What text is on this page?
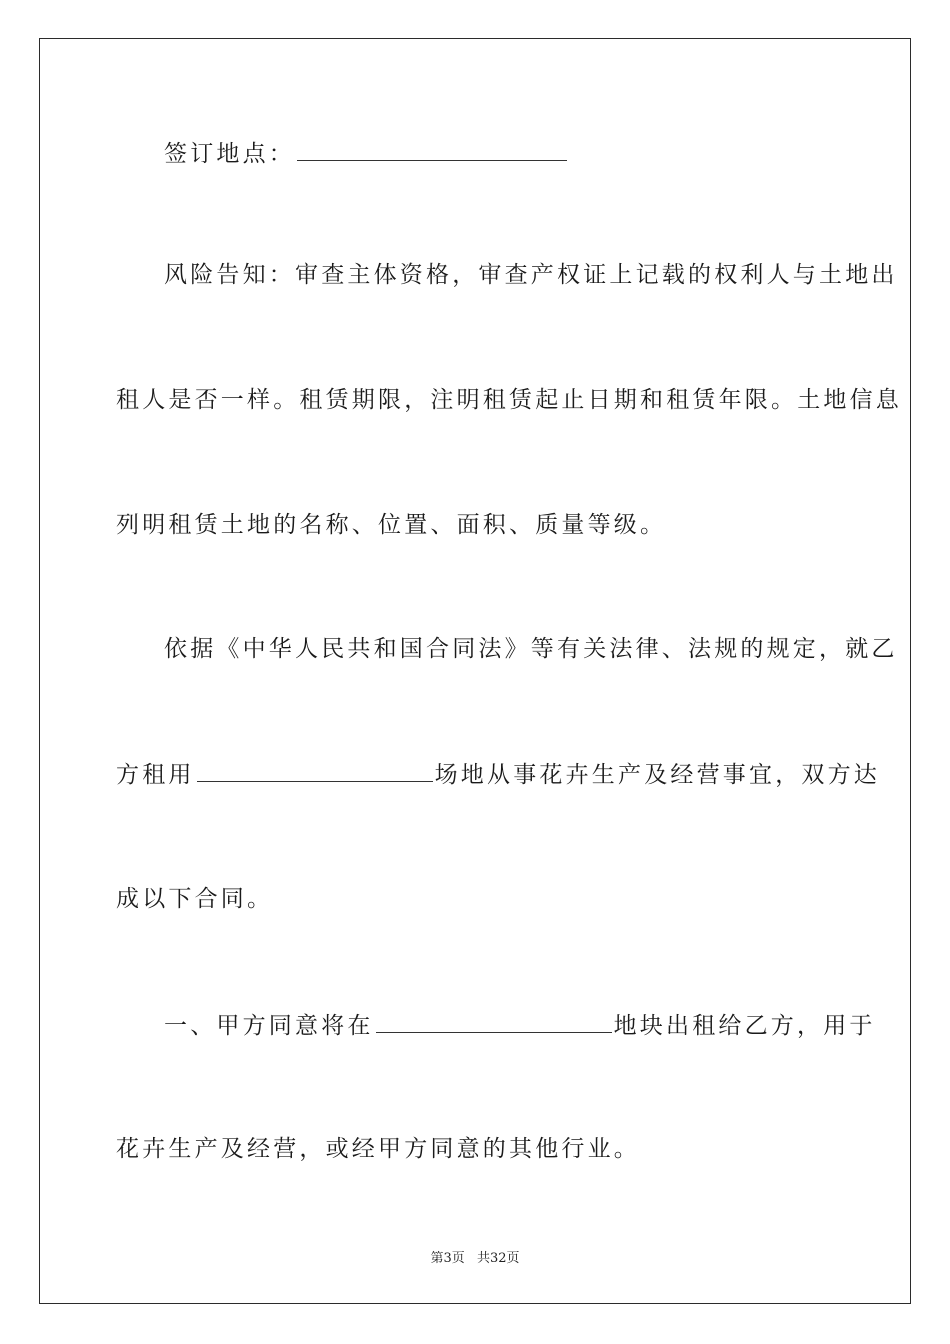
签订地点：
风险告知：审查主体资格，审查产权证上记载的权利人与土地出
租人是否一样。租赁期限，注明租赁起止日期和租赁年限。土地信息
列明租赁土地的名称、位置、面积、质量等级。
依据《中华人民共和国合同法》等有关法律、法规的规定，就乙
方租用	场地从事花卉生产及经营事宜，双方达
成以下合同。
一、甲方同意将在	地块出租给乙方，用于
花卉生产及经营，或经甲方同意的其他行业。
第3页 共32页
